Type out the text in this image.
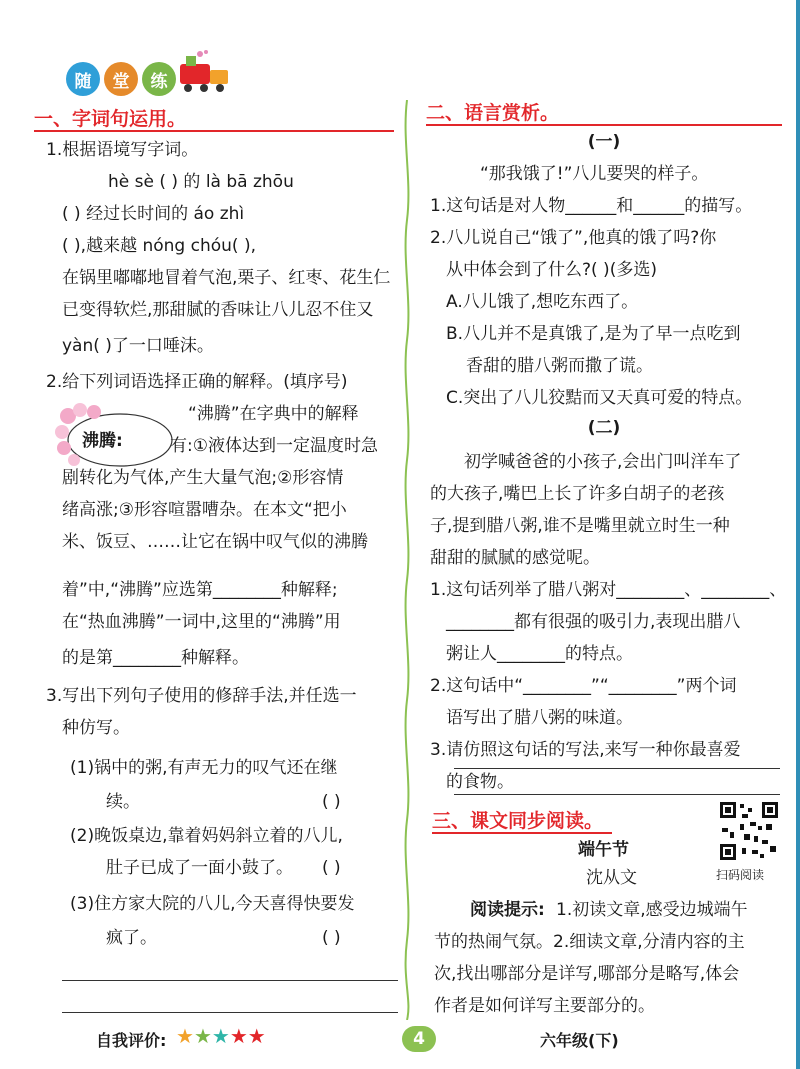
随	堂	练
一、字词句运用。
1.根据语境写字词。
hè sè ( ) 的 là bā zhōu
( ) 经过长时间的 áo zhì
( ),越来越 nóng chóu( ),
在锅里嘟嘟地冒着气泡,栗子、红枣、花生仁
已变得软烂,那甜腻的香味让八儿忍不住又
yàn( )了一口唾沫。
2.给下列词语选择正确的解释。(填序号)
沸腾:
“沸腾”在字典中的解释
有:①液体达到一定温度时急
剧转化为气体,产生大量气泡;②形容情
绪高涨;③形容喧嚣嘈杂。在本文“把小
米、饭豆、……让它在锅中叹气似的沸腾
着”中,“沸腾”应选第________种解释;
在“热血沸腾”一词中,这里的“沸腾”用
的是第________种解释。
3.写出下列句子使用的修辞手法,并任选一
种仿写。
(1)锅中的粥,有声无力的叹气还在继
续。	( )
(2)晚饭桌边,靠着妈妈斜立着的八儿,
肚子已成了一面小鼓了。 ( )
(3)住方家大院的八儿,今天喜得快要发
疯了。	( )
自我评价: ★★★★★
二、语言赏析。
(一)
“那我饿了!”八儿要哭的样子。
1.这句话是对人物______和______的描写。
2.八儿说自己“饿了”,他真的饿了吗?你
从中体会到了什么?( )(多选)
A.八儿饿了,想吃东西了。
B.八儿并不是真饿了,是为了早一点吃到
香甜的腊八粥而撒了谎。
C.突出了八儿狡黠而又天真可爱的特点。
(二)
初学喊爸爸的小孩子,会出门叫洋车了
的大孩子,嘴巴上长了许多白胡子的老孩
子,提到腊八粥,谁不是嘴里就立时生一种
甜甜的腻腻的感觉呢。
1.这句话列举了腊八粥对________、________、
________都有很强的吸引力,表现出腊八
粥让人________的特点。
2.这句话中“________”“________”两个词
语写出了腊八粥的味道。
3.请仿照这句话的写法,来写一种你最喜爱
的食物。
三、课文同步阅读。
扫码阅读
端午节
沈从文
阅读提示: 1.初读文章,感受边城端午
节的热闹气氛。2.细读文章,分清内容的主
次,找出哪部分是详写,哪部分是略写,体会
作者是如何详写主要部分的。
4	六年级(下)
